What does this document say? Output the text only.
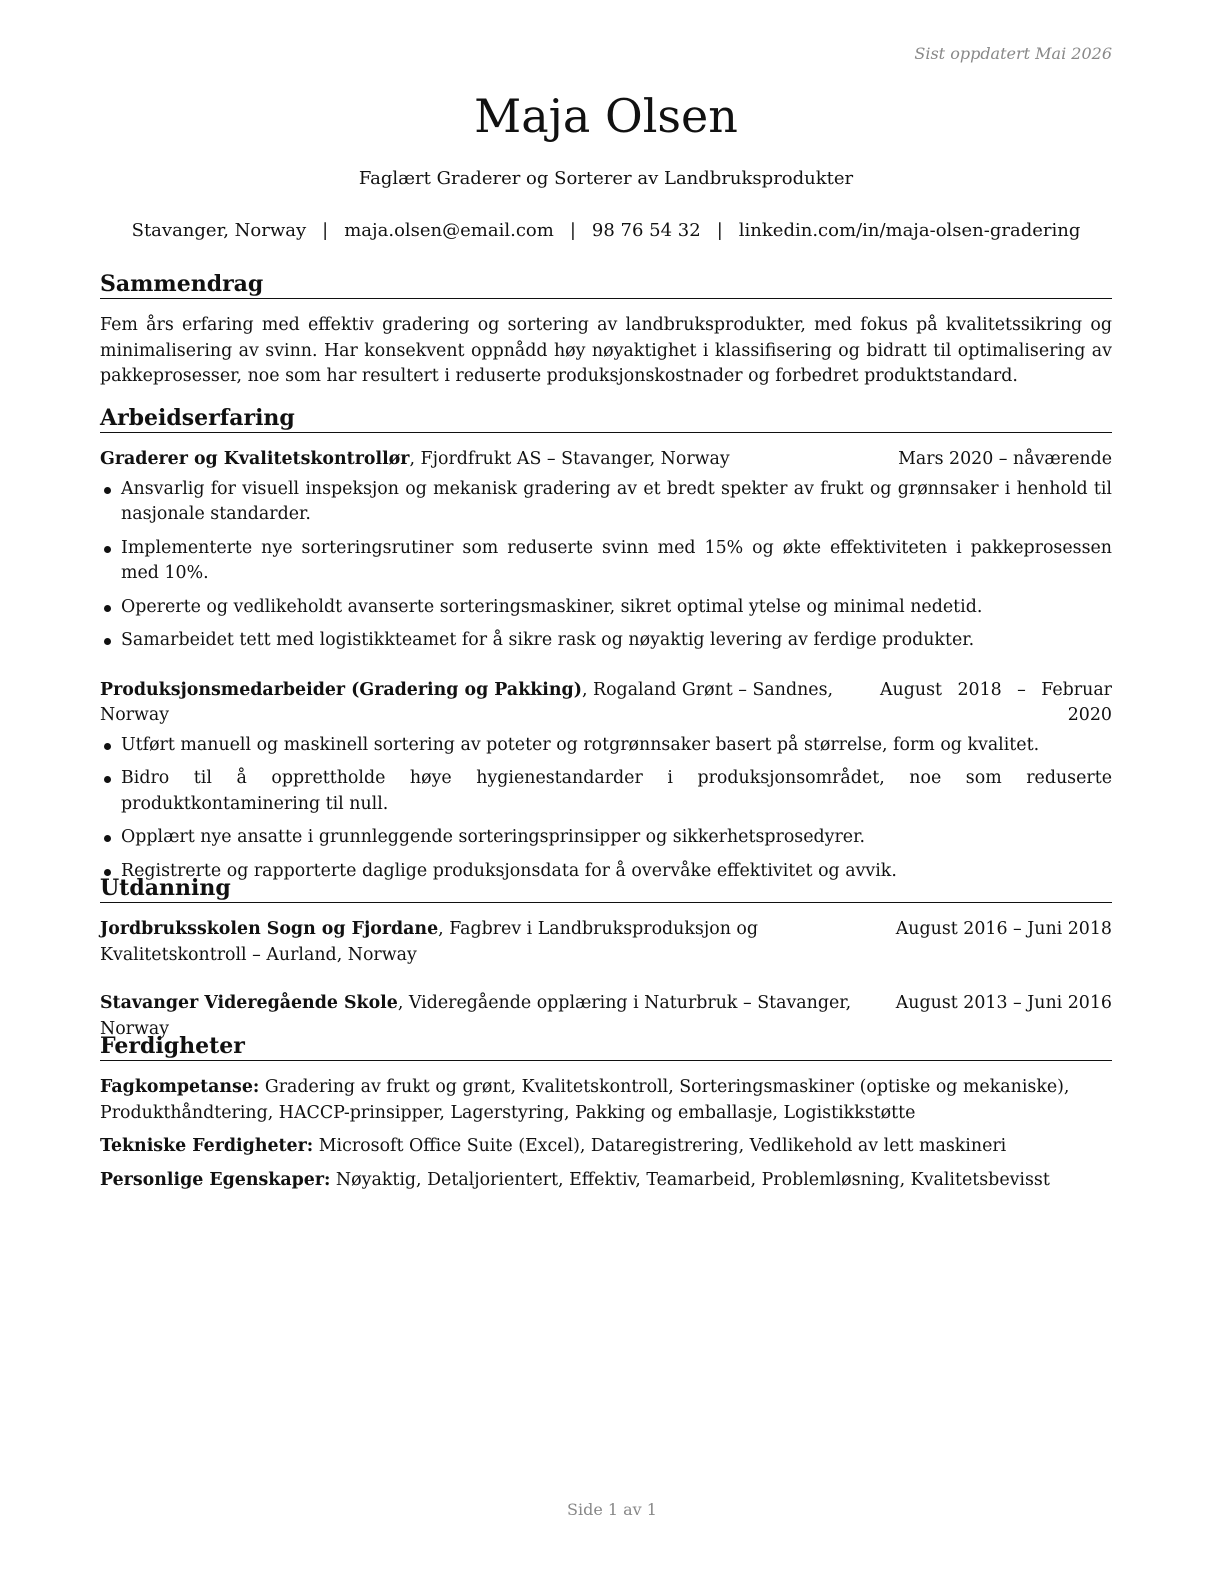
Sist oppdatert Mai 2026
Maja Olsen
Faglært Graderer og Sorterer av Landbruksprodukter
Stavanger, Norway | maja.olsen@email.com | 98 76 54 32 | linkedin.com/in/maja-olsen-gradering
Sammendrag
Fem års erfaring med effektiv gradering og sortering av landbruksprodukter, med fokus på kvalitetssikring og minimalisering av svinn. Har konsekvent oppnådd høy nøyaktighet i klassifisering og bidratt til optimalisering av pakkeprosesser, noe som har resultert i reduserte produksjonskostnader og forbedret produktstandard.
Arbeidserfaring
Graderer og Kvalitetskontrollør, Fjordfrukt AS – Stavanger, Norway	Mars 2020 – nåværende
Ansvarlig for visuell inspeksjon og mekanisk gradering av et bredt spekter av frukt og grønnsaker i henhold til nasjonale standarder.
Implementerte nye sorteringsrutiner som reduserte svinn med 15% og økte effektiviteten i pakkeprosessen med 10%.
Opererte og vedlikeholdt avanserte sorteringsmaskiner, sikret optimal ytelse og minimal nedetid.
Samarbeidet tett med logistikkteamet for å sikre rask og nøyaktig levering av ferdige produkter.
Produksjonsmedarbeider (Gradering og Pakking), Rogaland Grønt – Sandnes, Norway
August 2018 – Februar 2020
Utført manuell og maskinell sortering av poteter og rotgrønnsaker basert på størrelse, form og kvalitet.
Bidro til å opprettholde høye hygienestandarder i produksjonsområdet, noe som reduserte produktkontaminering til null.
Opplært nye ansatte i grunnleggende sorteringsprinsipper og sikkerhetsprosedyrer.
Registrerte og rapporterte daglige produksjonsdata for å overvåke effektivitet og avvik.
Utdanning
Jordbruksskolen Sogn og Fjordane, Fagbrev i Landbruksproduksjon og Kvalitetskontroll – Aurland, Norway
August 2016 – Juni 2018
Stavanger Videregående Skole, Videregående opplæring i Naturbruk – Stavanger, Norway
August 2013 – Juni 2016
Ferdigheter
Fagkompetanse: Gradering av frukt og grønt, Kvalitetskontroll, Sorteringsmaskiner (optiske og mekaniske), Produkthåndtering, HACCP-prinsipper, Lagerstyring, Pakking og emballasje, Logistikkstøtte
Tekniske Ferdigheter: Microsoft Office Suite (Excel), Dataregistrering, Vedlikehold av lett maskineri
Personlige Egenskaper: Nøyaktig, Detaljorientert, Effektiv, Teamarbeid, Problemløsning, Kvalitetsbevisst
Side 1 av 1
